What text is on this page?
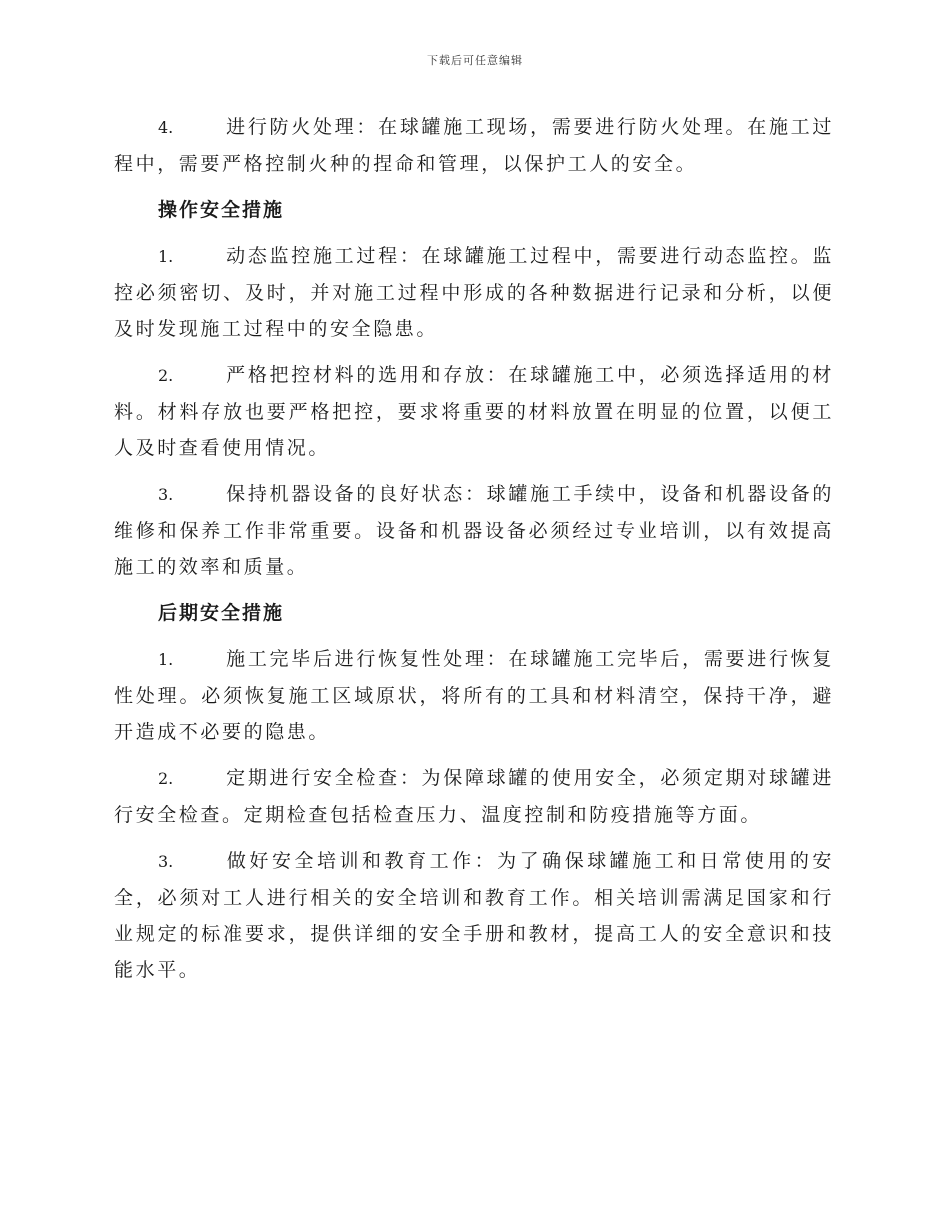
下载后可任意编辑

4.	进行防火处理：在球罐施工现场，需要进行防火处理。在施工过程中，需要严格控制火种的捏命和管理，以保护工人的安全。

操作安全措施

1.	动态监控施工过程：在球罐施工过程中，需要进行动态监控。监控必须密切、及时，并对施工过程中形成的各种数据进行记录和分析，以便及时发现施工过程中的安全隐患。

2.	严格把控材料的选用和存放：在球罐施工中，必须选择适用的材料。材料存放也要严格把控，要求将重要的材料放置在明显的位置，以便工人及时查看使用情况。

3.	保持机器设备的良好状态：球罐施工手续中，设备和机器设备的维修和保养工作非常重要。设备和机器设备必须经过专业培训，以有效提高施工的效率和质量。

后期安全措施

1.	施工完毕后进行恢复性处理：在球罐施工完毕后，需要进行恢复性处理。必须恢复施工区域原状，将所有的工具和材料清空，保持干净，避开造成不必要的隐患。

2.	定期进行安全检查：为保障球罐的使用安全，必须定期对球罐进行安全检查。定期检查包括检查压力、温度控制和防疫措施等方面。

3.	做好安全培训和教育工作：为了确保球罐施工和日常使用的安全，必须对工人进行相关的安全培训和教育工作。相关培训需满足国家和行业规定的标准要求，提供详细的安全手册和教材，提高工人的安全意识和技能水平。
